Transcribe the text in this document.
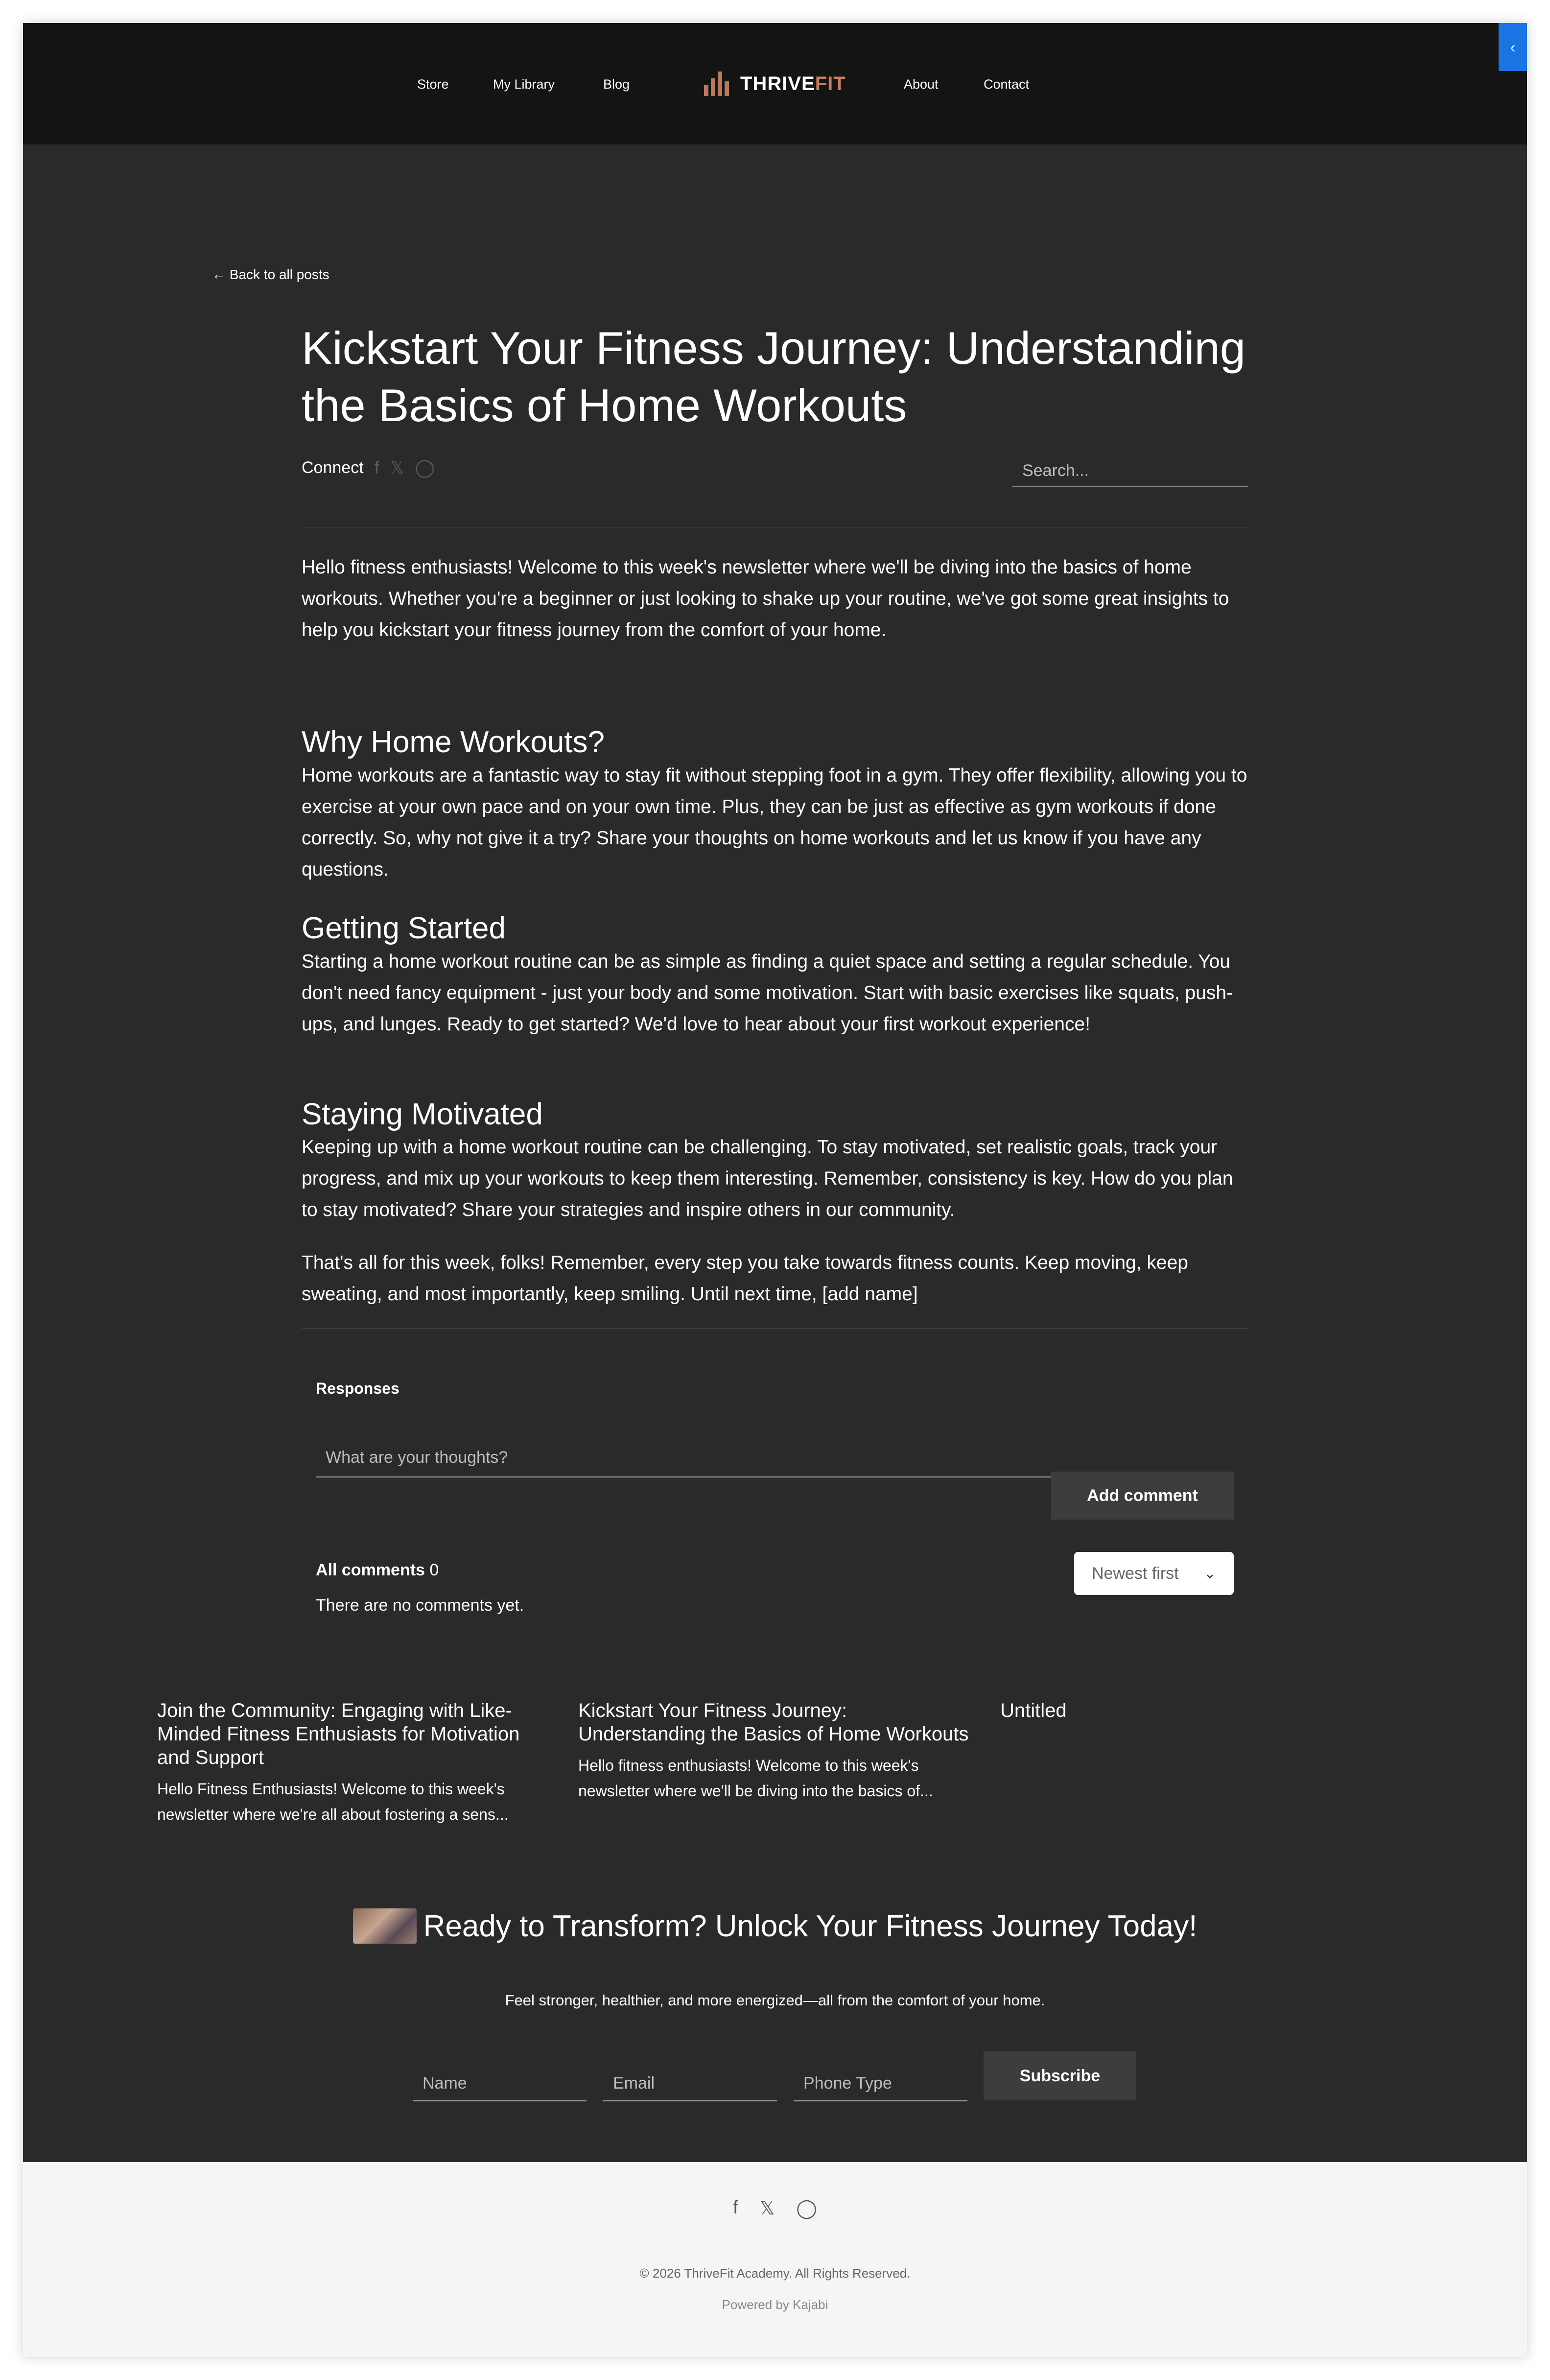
Store	My Library	Blog	THRIVEFIT	About	Contact
‹
← Back to all posts
Kickstart Your Fitness Journey: Understanding the Basics of Home Workouts
Connect f 𝕏 ◯
Search...

Hello fitness enthusiasts! Welcome to this week's newsletter where we'll be diving into the basics of home workouts. Whether you're a beginner or just looking to shake up your routine, we've got some great insights to help you kickstart your fitness journey from the comfort of your home.

Why Home Workouts?

Home workouts are a fantastic way to stay fit without stepping foot in a gym. They offer flexibility, allowing you to exercise at your own pace and on your own time. Plus, they can be just as effective as gym workouts if done correctly. So, why not give it a try? Share your thoughts on home workouts and let us know if you have any questions.

Getting Started

Starting a home workout routine can be as simple as finding a quiet space and setting a regular schedule. You don't need fancy equipment - just your body and some motivation. Start with basic exercises like squats, push-ups, and lunges. Ready to get started? We'd love to hear about your first workout experience!

Staying Motivated

Keeping up with a home workout routine can be challenging. To stay motivated, set realistic goals, track your progress, and mix up your workouts to keep them interesting. Remember, consistency is key. How do you plan to stay motivated? Share your strategies and inspire others in our community.

That's all for this week, folks! Remember, every step you take towards fitness counts. Keep moving, keep sweating, and most importantly, keep smiling. Until next time, [add name]

Responses
What are your thoughts?
Add comment
All comments 0	Newest first ⌄
There are no comments yet.

Join the Community: Engaging with Like-Minded Fitness Enthusiasts for Motivation and Support

Hello Fitness Enthusiasts! Welcome to this week's newsletter where we're all about fostering a sens...

Kickstart Your Fitness Journey: Understanding the Basics of Home Workouts

Hello fitness enthusiasts! Welcome to this week's newsletter where we'll be diving into the basics of...

Untitled

Ready to Transform? Unlock Your Fitness Journey Today!
Feel stronger, healthier, and more energized—all from the comfort of your home.
Name
Email
Phone Type
Subscribe
f 𝕏 ◯
© 2026 ThriveFit Academy. All Rights Reserved.
Powered by Kajabi
